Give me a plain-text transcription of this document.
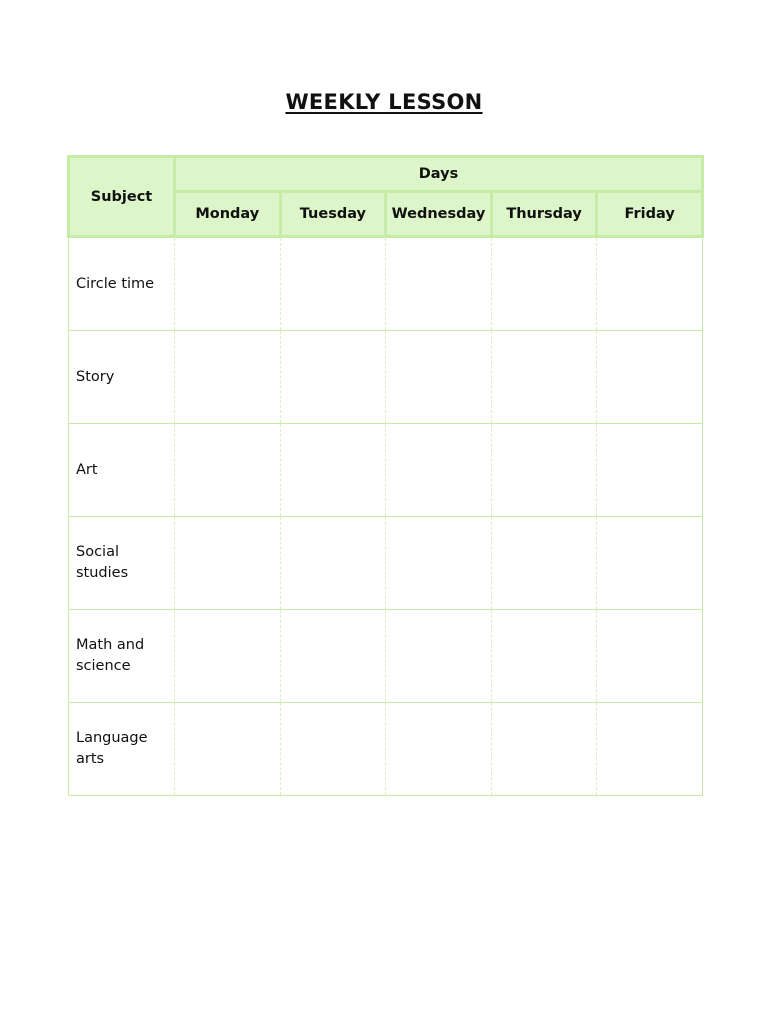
WEEKLY LESSON
Subject	Days				
	Monday	Tuesday	Wednesday	Thursday	Friday
Circle time					
Story					
Art					
Social studies					
Math and science					
Language arts					
